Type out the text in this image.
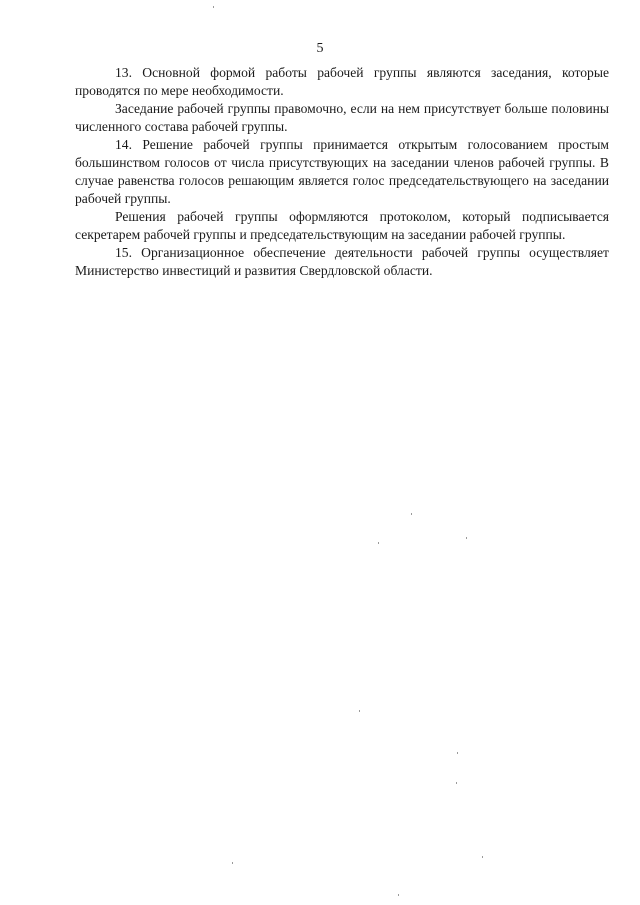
5

13. Основной формой работы рабочей группы являются заседания, которые проводятся по мере необходимости.

Заседание рабочей группы правомочно, если на нем присутствует больше половины численного состава рабочей группы.

14. Решение рабочей группы принимается открытым голосованием простым большинством голосов от числа присутствующих на заседании членов рабочей группы. В случае равенства голосов решающим является голос председательствующего на заседании рабочей группы.

Решения рабочей группы оформляются протоколом, который подписывается секретарем рабочей группы и председательствующим на заседании рабочей группы.

15. Организационное обеспечение деятельности рабочей группы осуществляет Министерство инвестиций и развития Свердловской области.
